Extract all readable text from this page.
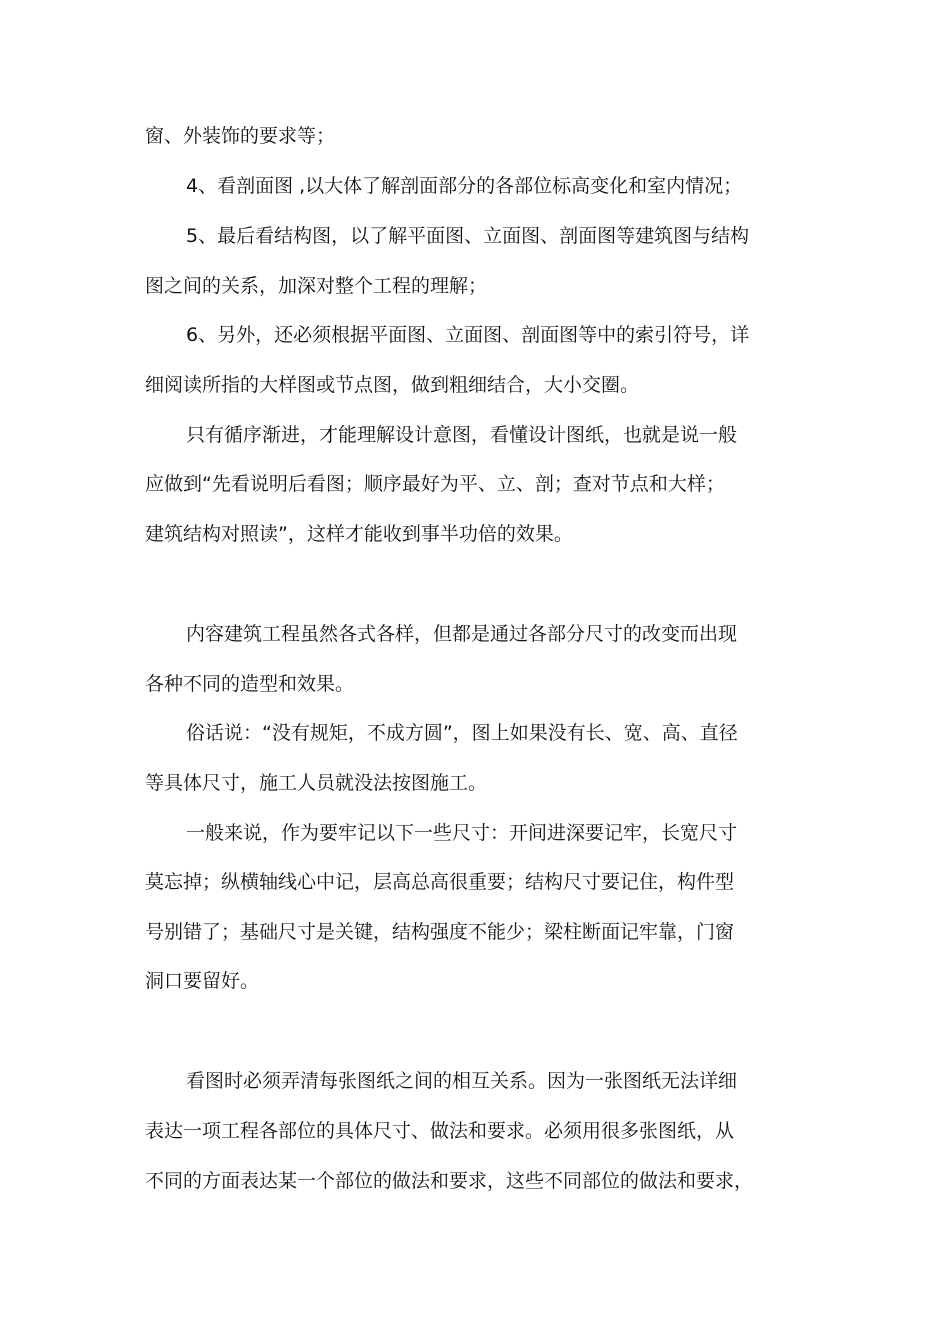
窗、外装饰的要求等；
4、看剖面图 ,以大体了解剖面部分的各部位标高变化和室内情况；
5、最后看结构图，以了解平面图、立面图、剖面图等建筑图与结构
图之间的关系，加深对整个工程的理解；
6、另外，还必须根据平面图、立面图、剖面图等中的索引符号，详
细阅读所指的大样图或节点图，做到粗细结合，大小交圈。
只有循序渐进，才能理解设计意图，看懂设计图纸，也就是说一般
应做到“先看说明后看图；顺序最好为平、立、剖；查对节点和大样；
建筑结构对照读”，这样才能收到事半功倍的效果。
内容建筑工程虽然各式各样，但都是通过各部分尺寸的改变而出现
各种不同的造型和效果。
俗话说：“没有规矩，不成方圆”，图上如果没有长、宽、高、直径
等具体尺寸，施工人员就没法按图施工。
一般来说，作为要牢记以下一些尺寸：开间进深要记牢，长宽尺寸
莫忘掉；纵横轴线心中记，层高总高很重要；结构尺寸要记住，构件型
号别错了；基础尺寸是关键，结构强度不能少；梁柱断面记牢靠，门窗
洞口要留好。
看图时必须弄清每张图纸之间的相互关系。因为一张图纸无法详细
表达一项工程各部位的具体尺寸、做法和要求。必须用很多张图纸，从
不同的方面表达某一个部位的做法和要求，这些不同部位的做法和要求，
